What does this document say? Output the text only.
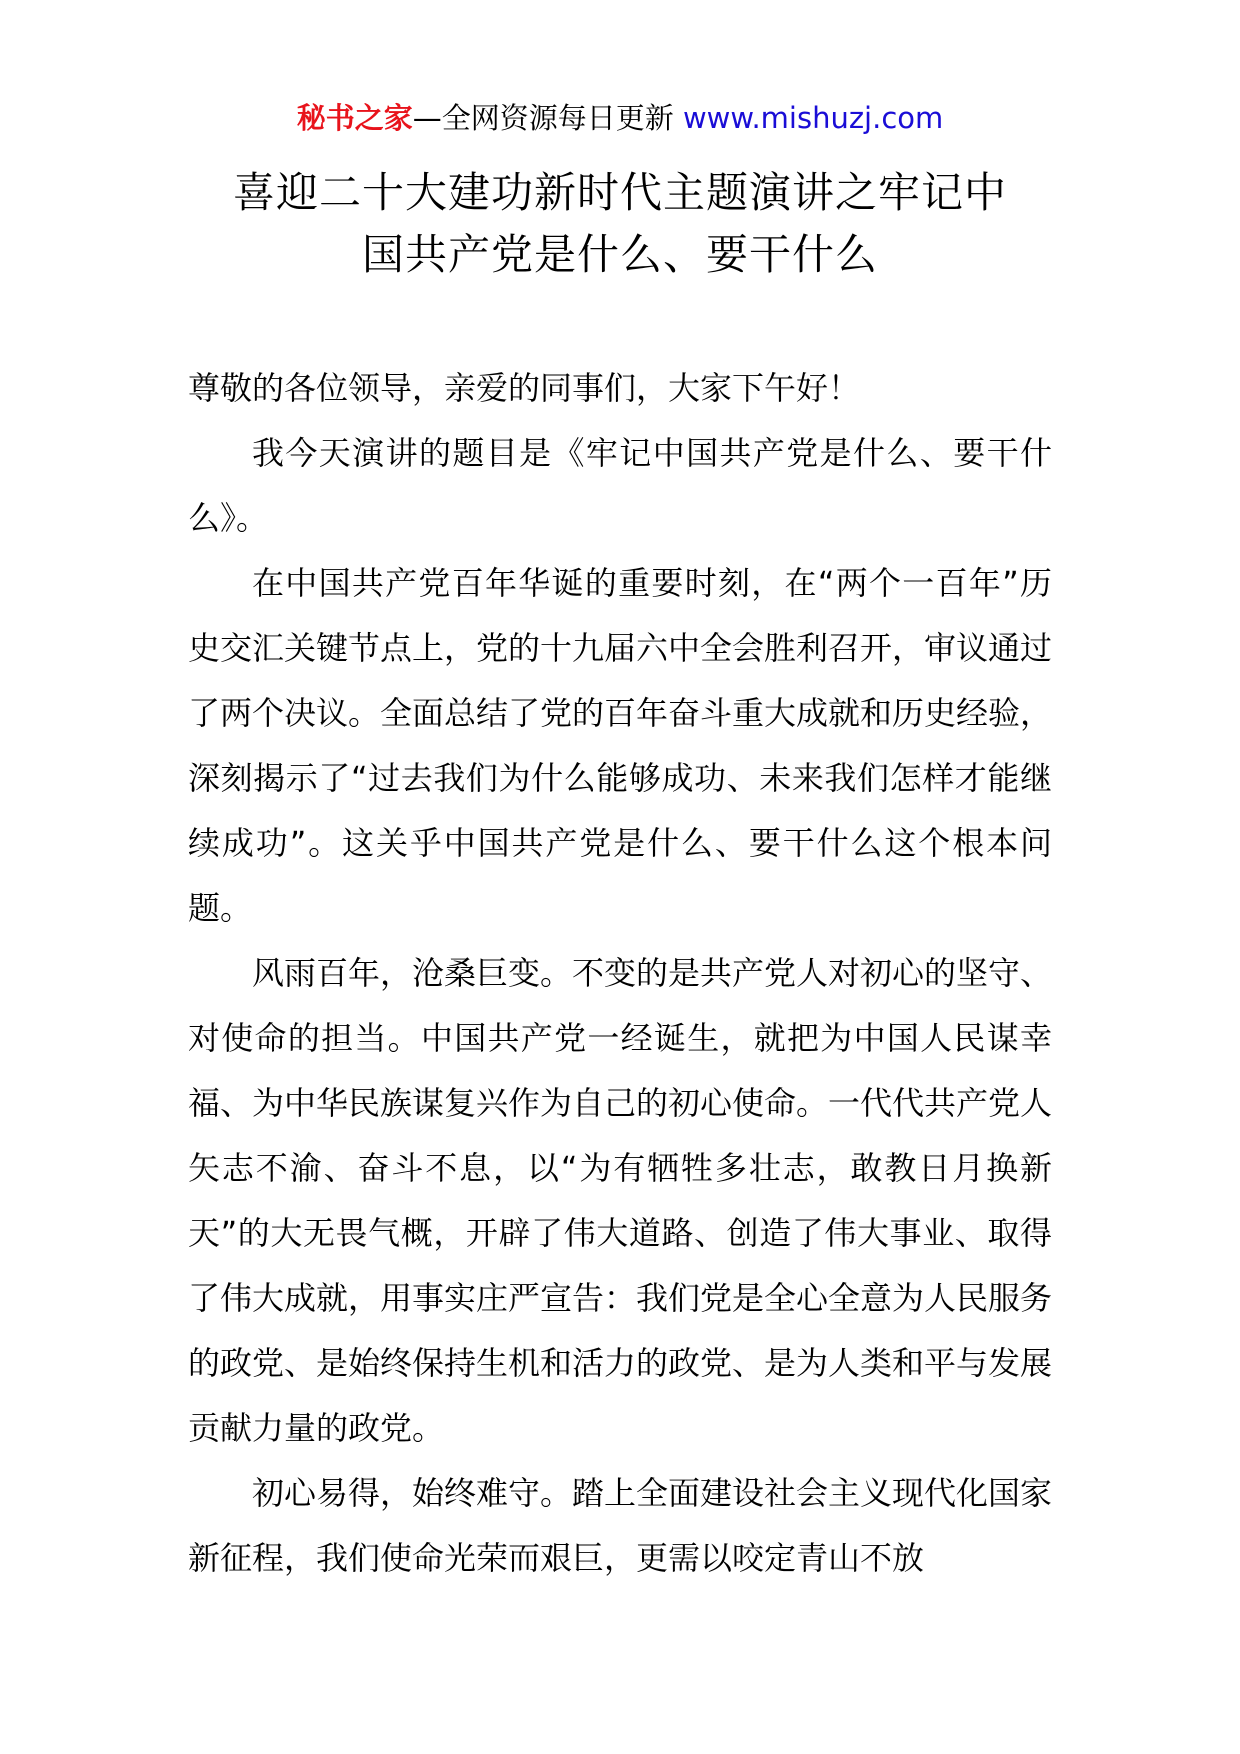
秘书之家—全网资源每日更新 www.mishuzj.com
喜迎二十大建功新时代主题演讲之牢记中
国共产党是什么、要干什么

尊敬的各位领导，亲爱的同事们，大家下午好！

我今天演讲的题目是《牢记中国共产党是什么、要干什么》。

在中国共产党百年华诞的重要时刻，在“两个一百年”历史交汇关键节点上，党的十九届六中全会胜利召开，审议通过了两个决议。全面总结了党的百年奋斗重大成就和历史经验，深刻揭示了“过去我们为什么能够成功、未来我们怎样才能继续成功”。这关乎中国共产党是什么、要干什么这个根本问题。

风雨百年，沧桑巨变。不变的是共产党人对初心的坚守、对使命的担当。中国共产党一经诞生，就把为中国人民谋幸福、为中华民族谋复兴作为自己的初心使命。一代代共产党人矢志不渝、奋斗不息，以“为有牺牲多壮志，敢教日月换新天”的大无畏气概，开辟了伟大道路、创造了伟大事业、取得了伟大成就，用事实庄严宣告：我们党是全心全意为人民服务的政党、是始终保持生机和活力的政党、是为人类和平与发展贡献力量的政党。

初心易得，始终难守。踏上全面建设社会主义现代化国家新征程，我们使命光荣而艰巨，更需以咬定青山不放
